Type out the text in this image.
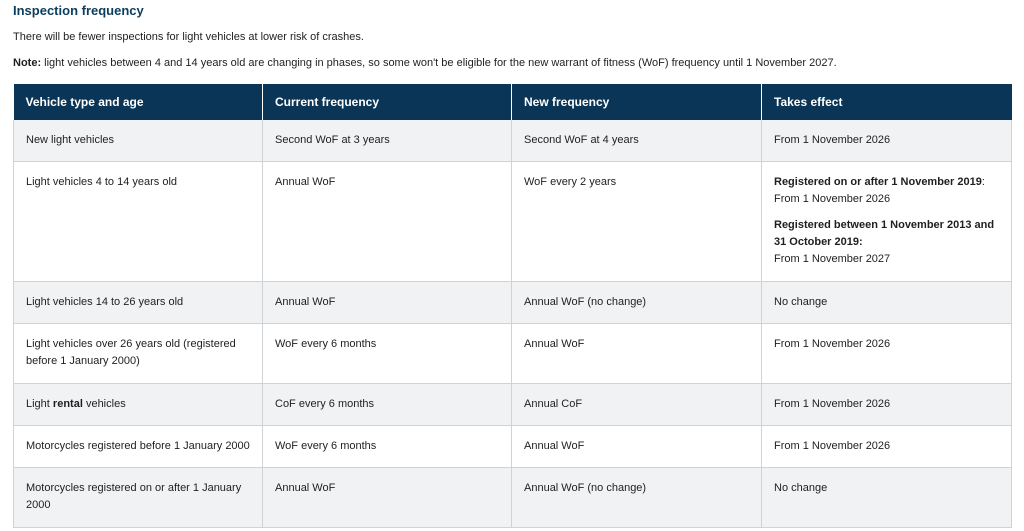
Inspection frequency

There will be fewer inspections for light vehicles at lower risk of crashes.

Note: light vehicles between 4 and 14 years old are changing in phases, so some won't be eligible for the new warrant of fitness (WoF) frequency until 1 November 2027.

Vehicle type and age	Current frequency	New frequency	Takes effect
New light vehicles	Second WoF at 3 years	Second WoF at 4 years	From 1 November 2026
Light vehicles 4 to 14 years old	Annual WoF	WoF every 2 years	Registered on or after 1 November 2019:
From 1 November 2026
Registered between 1 November 2013 and 31 October 2019:
From 1 November 2027

Light vehicles 14 to 26 years old	Annual WoF	Annual WoF (no change)	No change
Light vehicles over 26 years old (registered before 1 January 2000)	WoF every 6 months	Annual WoF	From 1 November 2026
Light rental vehicles	CoF every 6 months	Annual CoF	From 1 November 2026
Motorcycles registered before 1 January 2000	WoF every 6 months	Annual WoF	From 1 November 2026
Motorcycles registered on or after 1 January 2000	Annual WoF	Annual WoF (no change)	No change
